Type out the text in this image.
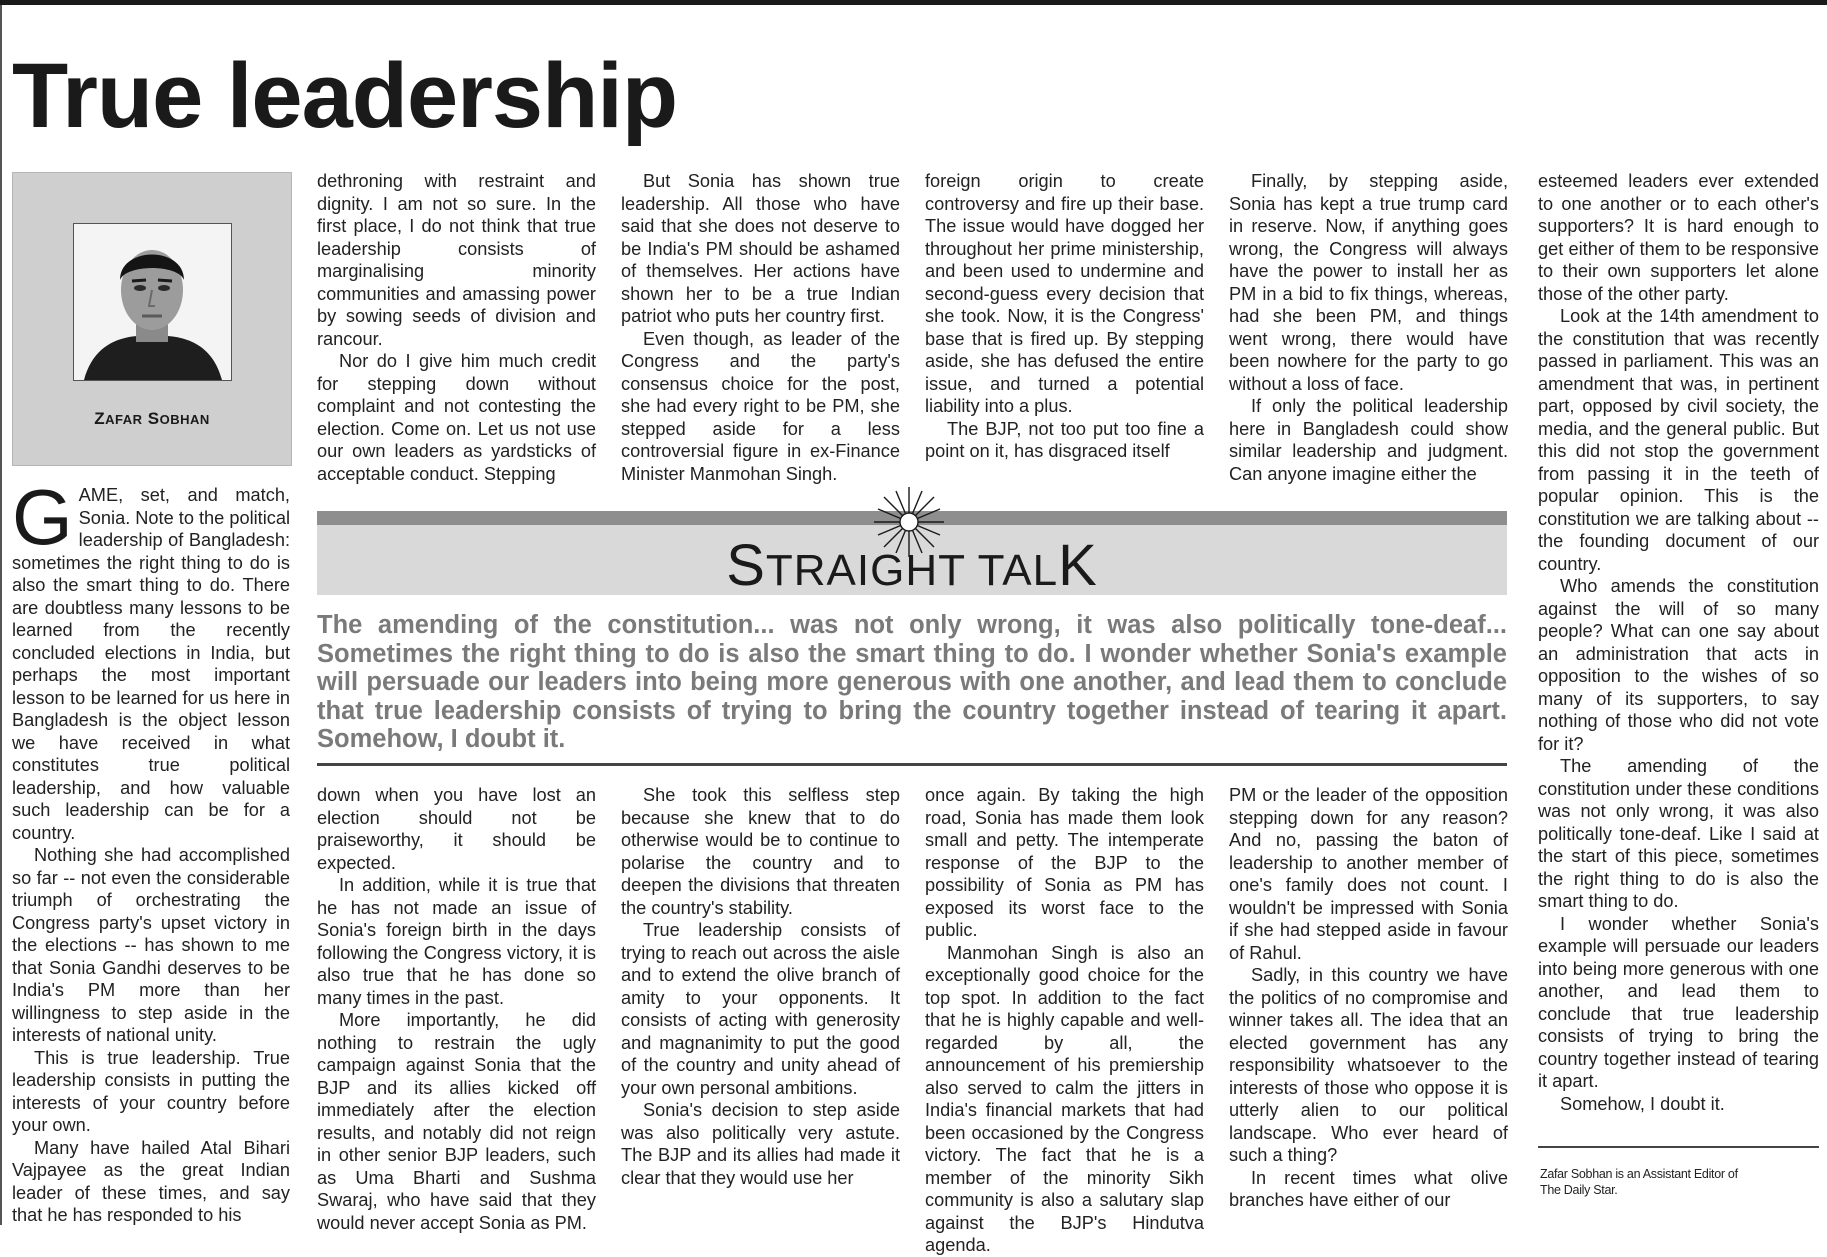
True leadership
ZAFAR SOBHAN

GAME, set, and match, Sonia. Note to the political leadership of Bangladesh: sometimes the right thing to do is also the smart thing to do. There are doubtless many lessons to be learned from the recently concluded elections in India, but perhaps the most important lesson to be learned for us here in Bangladesh is the object lesson we have received in what constitutes true political leadership, and how valuable such leadership can be for a country.

Nothing she had accomplished so far -- not even the considerable triumph of orchestrating the Congress party's upset victory in the elections -- has shown to me that Sonia Gandhi deserves to be India's PM more than her willingness to step aside in the interests of national unity.

This is true leadership. True leadership consists in putting the interests of your country before your own.

Many have hailed Atal Bihari Vajpayee as the great Indian leader of these times, and say that he has responded to his

dethroning with restraint and dignity. I am not so sure. In the first place, I do not think that true leadership consists of marginalising minority communities and amassing power by sowing seeds of division and rancour.

Nor do I give him much credit for stepping down without complaint and not contesting the election. Come on. Let us not use our own leaders as yardsticks of acceptable conduct. Stepping

But Sonia has shown true leadership. All those who have said that she does not deserve to be India's PM should be ashamed of themselves. Her actions have shown her to be a true Indian patriot who puts her country first.

Even though, as leader of the Congress and the party's consensus choice for the post, she had every right to be PM, she stepped aside for a less controversial figure in ex-Finance Minister Manmohan Singh.

foreign origin to create controversy and fire up their base. The issue would have dogged her throughout her prime ministership, and been used to undermine and second-guess every decision that she took. Now, it is the Congress' base that is fired up. By stepping aside, she has defused the entire issue, and turned a potential liability into a plus.

The BJP, not too put too fine a point on it, has disgraced itself

Finally, by stepping aside, Sonia has kept a true trump card in reserve. Now, if anything goes wrong, the Congress will always have the power to install her as PM in a bid to fix things, whereas, had she been PM, and things went wrong, there would have been nowhere for the party to go without a loss of face.

If only the political leadership here in Bangladesh could show similar leadership and judgment. Can anyone imagine either the

STRAIGHT TALK
The amending of the constitution... was not only wrong, it was also politically tone-deaf... Sometimes the right thing to do is also the smart thing to do. I wonder whether Sonia's example will persuade our leaders into being more generous with one another, and lead them to conclude that true leadership consists of trying to bring the country together instead of tearing it apart. Somehow, I doubt it.

down when you have lost an election should not be praiseworthy, it should be expected.

In addition, while it is true that he has not made an issue of Sonia's foreign birth in the days following the Congress victory, it is also true that he has done so many times in the past.

More importantly, he did nothing to restrain the ugly campaign against Sonia that the BJP and its allies kicked off immediately after the election results, and notably did not reign in other senior BJP leaders, such as Uma Bharti and Sushma Swaraj, who have said that they would never accept Sonia as PM.

She took this selfless step because she knew that to do otherwise would be to continue to polarise the country and to deepen the divisions that threaten the country's stability.

True leadership consists of trying to reach out across the aisle and to extend the olive branch of amity to your opponents. It consists of acting with generosity and magnanimity to put the good of the country and unity ahead of your own personal ambitions.

Sonia's decision to step aside was also politically very astute. The BJP and its allies had made it clear that they would use her

once again. By taking the high road, Sonia has made them look small and petty. The intemperate response of the BJP to the possibility of Sonia as PM has exposed its worst face to the public.

Manmohan Singh is also an exceptionally good choice for the top spot. In addition to the fact that he is highly capable and well-regarded by all, the announcement of his premiership also served to calm the jitters in India's financial markets that had been occasioned by the Congress victory. The fact that he is a member of the minority Sikh community is also a salutary slap against the BJP's Hindutva agenda.

PM or the leader of the opposition stepping down for any reason? And no, passing the baton of leadership to another member of one's family does not count. I wouldn't be impressed with Sonia if she had stepped aside in favour of Rahul.

Sadly, in this country we have the politics of no compromise and winner takes all. The idea that an elected government has any responsibility whatsoever to the interests of those who oppose it is utterly alien to our political landscape. Who ever heard of such a thing?

In recent times what olive branches have either of our

esteemed leaders ever extended to one another or to each other's supporters? It is hard enough to get either of them to be responsive to their own supporters let alone those of the other party.

Look at the 14th amendment to the constitution that was recently passed in parliament. This was an amendment that was, in pertinent part, opposed by civil society, the media, and the general public. But this did not stop the government from passing it in the teeth of popular opinion. This is the constitution we are talking about -- the founding document of our country.

Who amends the constitution against the will of so many people? What can one say about an administration that acts in opposition to the wishes of so many of its supporters, to say nothing of those who did not vote for it?

The amending of the constitution under these conditions was not only wrong, it was also politically tone-deaf. Like I said at the start of this piece, sometimes the right thing to do is also the smart thing to do.

I wonder whether Sonia's example will persuade our leaders into being more generous with one another, and lead them to conclude that true leadership consists of trying to bring the country together instead of tearing it apart.

Somehow, I doubt it.

Zafar Sobhan is an Assistant Editor of
The Daily Star.
